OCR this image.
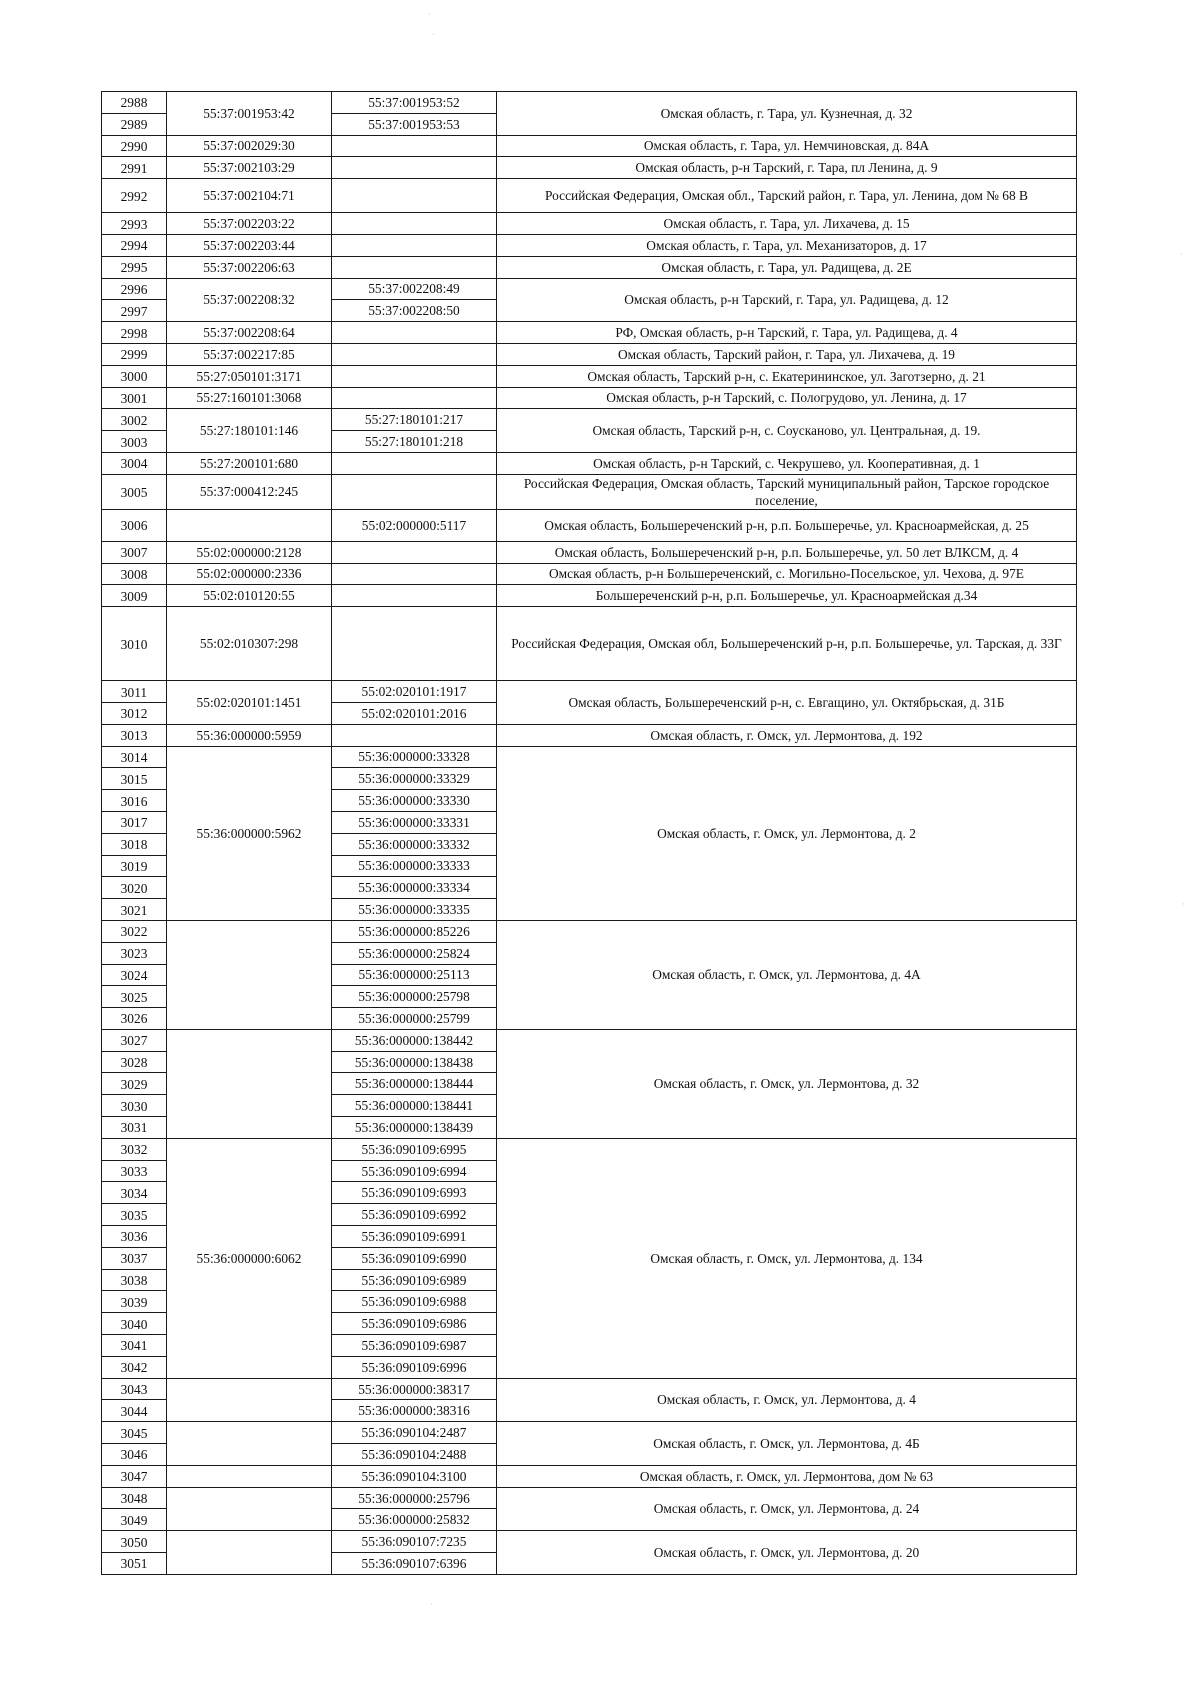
2988	55:37:001953:42	55:37:001953:52	Омская область, г. Тара, ул. Кузнечная, д. 32
2989		55:37:001953:53	
2990	55:37:002029:30		Омская область, г. Тара, ул. Немчиновская, д. 84А
2991	55:37:002103:29		Омская область, р-н Тарский, г. Тара, пл Ленина, д. 9
2992	55:37:002104:71		Российская Федерация, Омская обл., Тарский район, г. Тара, ул. Ленина, дом № 68 В
2993	55:37:002203:22		Омская область, г. Тара, ул. Лихачева, д. 15
2994	55:37:002203:44		Омская область, г. Тара, ул. Механизаторов, д. 17
2995	55:37:002206:63		Омская область, г. Тара, ул. Радищева, д. 2Е
2996	55:37:002208:32	55:37:002208:49	Омская область, р-н Тарский, г. Тара, ул. Радищева, д. 12
2997		55:37:002208:50	
2998	55:37:002208:64		РФ, Омская область, р-н Тарский, г. Тара, ул. Радищева, д. 4
2999	55:37:002217:85		Омская область, Тарский район, г. Тара, ул. Лихачева, д. 19
3000	55:27:050101:3171		Омская область, Тарский р-н, с. Екатерининское, ул. Заготзерно, д. 21
3001	55:27:160101:3068		Омская область, р-н Тарский, с. Пологрудово, ул. Ленина, д. 17
3002	55:27:180101:146	55:27:180101:217	Омская область, Тарский р-н, с. Соусканово, ул. Центральная, д. 19.
3003		55:27:180101:218	
3004	55:27:200101:680		Омская область, р-н Тарский, с. Чекрушево, ул. Кооперативная, д. 1
3005	55:37:000412:245		Российская Федерация, Омская область, Тарский муниципальный район, Тарское городское поселение,
3006		55:02:000000:5117	Омская область, Большереченский р-н, р.п. Большеречье, ул. Красноармейская, д. 25
3007	55:02:000000:2128		Омская область, Большереченский р-н, р.п. Большеречье, ул. 50 лет ВЛКСМ, д. 4
3008	55:02:000000:2336		Омская область, р-н Большереченский, с. Могильно-Посельское, ул. Чехова, д. 97Е
3009	55:02:010120:55		Большереченский р-н, р.п. Большеречье, ул. Красноармейская д.34
3010	55:02:010307:298		Российская Федерация, Омская обл, Большереченский р-н, р.п. Большеречье, ул. Тарская, д. 33Г
3011	55:02:020101:1451	55:02:020101:1917	Омская область, Большереченский р-н, с. Евгащино, ул. Октябрьская, д. 31Б
3012		55:02:020101:2016	
3013	55:36:000000:5959		Омская область, г. Омск, ул. Лермонтова, д. 192
3014	55:36:000000:5962	55:36:000000:33328	Омская область, г. Омск, ул. Лермонтова, д. 2
3015		55:36:000000:33329	
3016		55:36:000000:33330	
3017		55:36:000000:33331	
3018		55:36:000000:33332	
3019		55:36:000000:33333	
3020		55:36:000000:33334	
3021		55:36:000000:33335	
3022		55:36:000000:85226	Омская область, г. Омск, ул. Лермонтова, д. 4А
3023		55:36:000000:25824	
3024		55:36:000000:25113	
3025		55:36:000000:25798	
3026		55:36:000000:25799	
3027		55:36:000000:138442	Омская область, г. Омск, ул. Лермонтова, д. 32
3028		55:36:000000:138438	
3029		55:36:000000:138444	
3030		55:36:000000:138441	
3031		55:36:000000:138439	
3032	55:36:000000:6062	55:36:090109:6995	Омская область, г. Омск, ул. Лермонтова, д. 134
3033		55:36:090109:6994	
3034		55:36:090109:6993	
3035		55:36:090109:6992	
3036		55:36:090109:6991	
3037		55:36:090109:6990	
3038		55:36:090109:6989	
3039		55:36:090109:6988	
3040		55:36:090109:6986	
3041		55:36:090109:6987	
3042		55:36:090109:6996	
3043		55:36:000000:38317	Омская область, г. Омск, ул. Лермонтова, д. 4
3044		55:36:000000:38316	
3045		55:36:090104:2487	Омская область, г. Омск, ул. Лермонтова, д. 4Б
3046		55:36:090104:2488	
3047		55:36:090104:3100	Омская область, г. Омск, ул. Лермонтова, дом № 63
3048		55:36:000000:25796	Омская область, г. Омск, ул. Лермонтова, д. 24
3049		55:36:000000:25832	
3050		55:36:090107:7235	Омская область, г. Омск, ул. Лермонтова, д. 20
3051		55:36:090107:6396	
·
·
·
·
·
